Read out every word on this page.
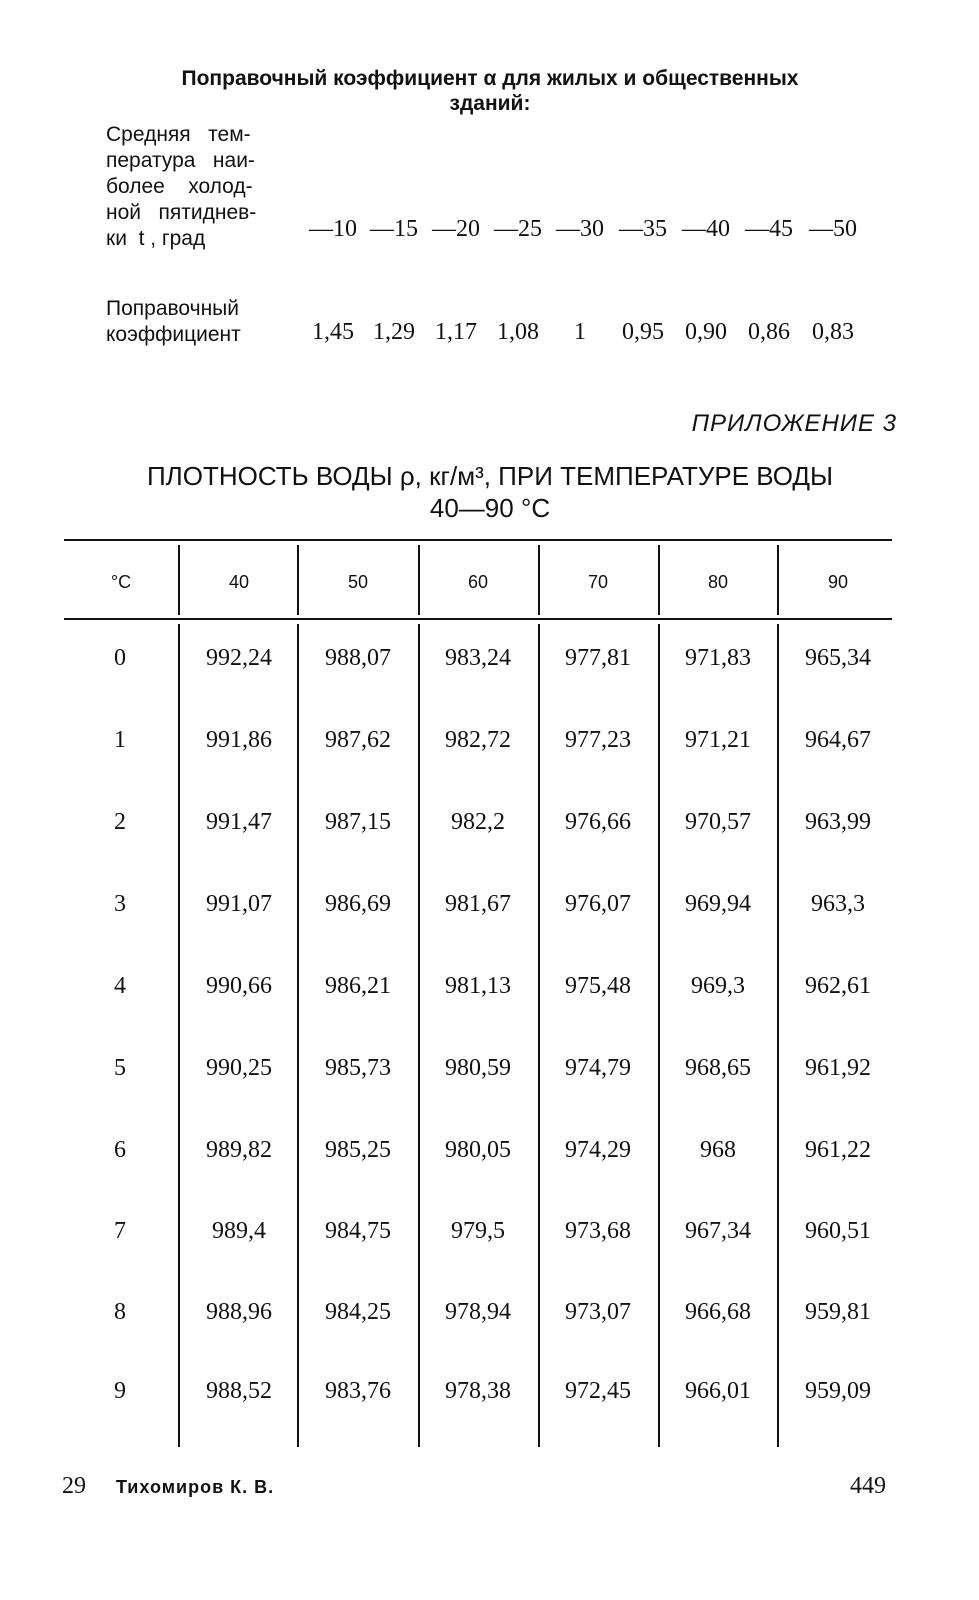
Поправочный коэффициент α для жилых и общественных
зданий:
Средняя   тем-
пература   наи-
более    холод-
ной   пятиднев-
ки  t , град	—10 —15 —20 —25 —30 —35 —40 —45 —50
Поправочный
коэффициент	1,45 1,29 1,17 1,08	1	0,95 0,90 0,86 0,83
ПРИЛОЖЕНИЕ 3
ПЛОТНОСТЬ ВОДЫ ρ, кг/м³, ПРИ ТЕМПЕРАТУРЕ ВОДЫ
40—90 °С
°С	40	50	60	70	80	90
0	992,24	988,07	983,24	977,81	971,83	965,34
1	991,86	987,62	982,72	977,23	971,21	964,67
2	991,47	987,15	982,2	976,66	970,57	963,99
3	991,07	986,69	981,67	976,07	969,94	963,3
4	990,66	986,21	981,13	975,48	969,3	962,61
5	990,25	985,73	980,59	974,79	968,65	961,92
6	989,82	985,25	980,05	974,29	968	961,22
7	989,4	984,75	979,5	973,68	967,34	960,51
8	988,96	984,25	978,94	973,07	966,68	959,81
9	988,52	983,76	978,38	972,45	966,01	959,09
29 Тихомиров К. В.	449
